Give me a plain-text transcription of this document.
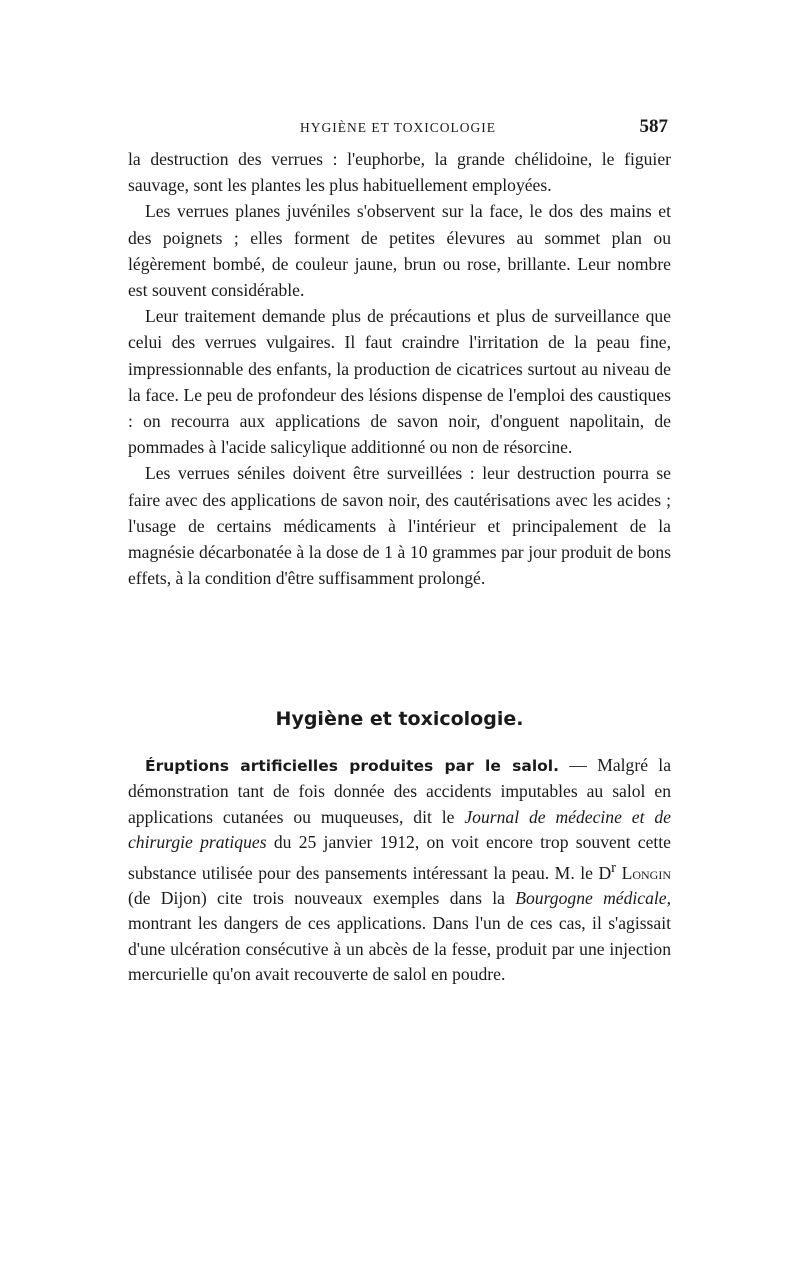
HYGIÈNE ET TOXICOLOGIE	587

la destruction des verrues : l'euphorbe, la grande chélidoine, le figuier sauvage, sont les plantes les plus habituellement employées.

Les verrues planes juvéniles s'observent sur la face, le dos des mains et des poignets ; elles forment de petites élevures au sommet plan ou légèrement bombé, de couleur jaune, brun ou rose, brillante. Leur nombre est souvent considérable.

Leur traitement demande plus de précautions et plus de surveillance que celui des verrues vulgaires. Il faut craindre l'irritation de la peau fine, impressionnable des enfants, la production de cicatrices surtout au niveau de la face. Le peu de profondeur des lésions dispense de l'emploi des caustiques : on recourra aux applications de savon noir, d'onguent napolitain, de pommades à l'acide salicylique additionné ou non de résorcine.

Les verrues séniles doivent être surveillées : leur destruction pourra se faire avec des applications de savon noir, des cautérisations avec les acides ; l'usage de certains médicaments à l'intérieur et principalement de la magnésie décarbonatée à la dose de 1 à 10 grammes par jour produit de bons effets, à la condition d'être suffisamment prolongé.

Hygiène et toxicologie.

Éruptions artificielles produites par le salol. — Malgré la démonstration tant de fois donnée des accidents imputables au salol en applications cutanées ou muqueuses, dit le Journal de médecine et de chirurgie pratiques du 25 janvier 1912, on voit encore trop souvent cette substance utilisée pour des pansements intéressant la peau. M. le $D^r$ Longin (de Dijon) cite trois nouveaux exemples dans la Bourgogne médicale, montrant les dangers de ces applications. Dans l'un de ces cas, il s'agissait d'une ulcération consécutive à un abcès de la fesse, produit par une injection mercurielle qu'on avait recouverte de salol en poudre.
